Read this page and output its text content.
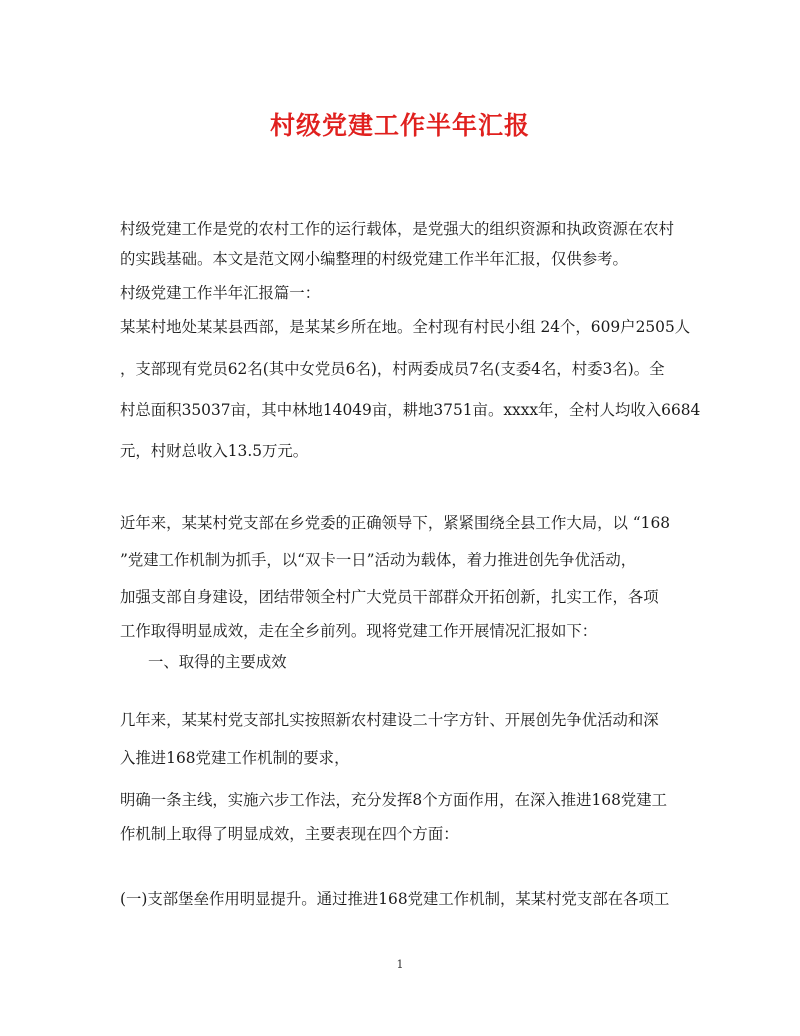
村级党建工作半年汇报
村级党建工作是党的农村工作的运行载体，是党强大的组织资源和执政资源在农村
的实践基础。本文是范文网小编整理的村级党建工作半年汇报，仅供参考。
村级党建工作半年汇报篇一：
某某村地处某某县西部，是某某乡所在地。全村现有村民小组 24个，609户2505人
，支部现有党员62名(其中女党员6名)，村两委成员7名(支委4名，村委3名)。全
村总面积35037亩，其中林地14049亩，耕地3751亩。xxxx年，全村人均收入6684
元，村财总收入13.5万元。
近年来，某某村党支部在乡党委的正确领导下，紧紧围绕全县工作大局，以 “168
”党建工作机制为抓手，以“双卡一日”活动为载体，着力推进创先争优活动，
加强支部自身建设，团结带领全村广大党员干部群众开拓创新，扎实工作，各项
工作取得明显成效，走在全乡前列。现将党建工作开展情况汇报如下：
一、取得的主要成效
几年来，某某村党支部扎实按照新农村建设二十字方针、开展创先争优活动和深
入推进168党建工作机制的要求，
明确一条主线，实施六步工作法，充分发挥8个方面作用，在深入推进168党建工
作机制上取得了明显成效，主要表现在四个方面：
(一)支部堡垒作用明显提升。通过推进168党建工作机制，某某村党支部在各项工
1
